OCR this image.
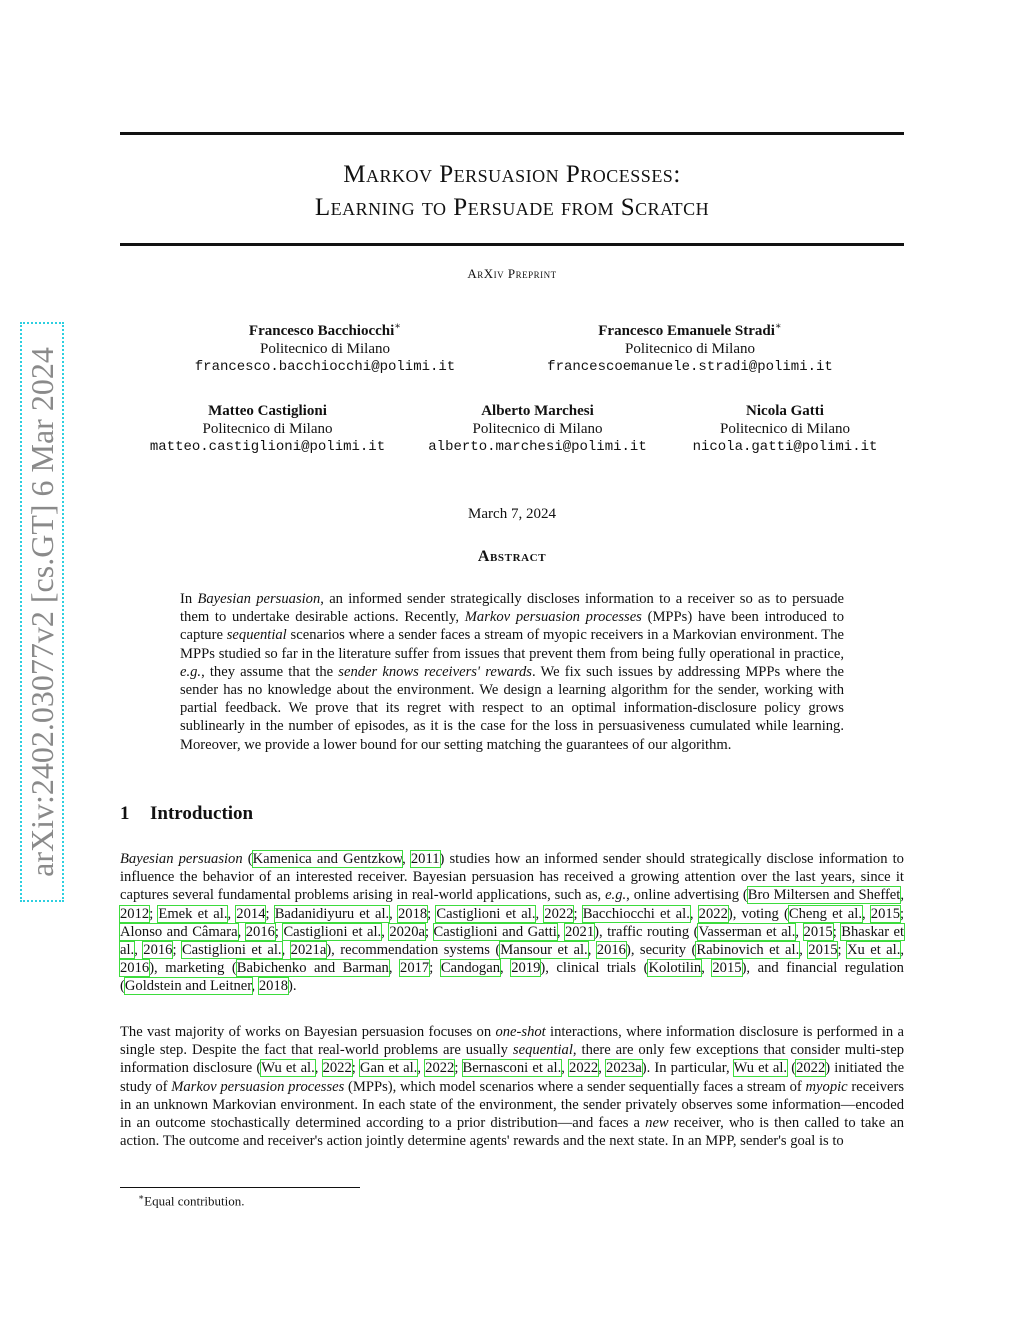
arXiv:2402.03077v2 [cs.GT] 6 Mar 2024
Markov Persuasion Processes:
Learning to Persuade from Scratch
ArXiv Preprint
Francesco Bacchiocchi∗
Politecnico di Milano
francesco.bacchiocchi@polimi.it
Francesco Emanuele Stradi∗
Politecnico di Milano
francescoemanuele.stradi@polimi.it
Matteo Castiglioni
Politecnico di Milano
matteo.castiglioni@polimi.it
Alberto Marchesi
Politecnico di Milano
alberto.marchesi@polimi.it
Nicola Gatti
Politecnico di Milano
nicola.gatti@polimi.it
March 7, 2024
Abstract
In Bayesian persuasion, an informed sender strategically discloses information to a receiver so as to persuade them to undertake desirable actions. Recently, Markov persuasion processes (MPPs) have been introduced to capture sequential scenarios where a sender faces a stream of myopic receivers in a Markovian environment. The MPPs studied so far in the literature suffer from issues that prevent them from being fully operational in practice, e.g., they assume that the sender knows receivers' rewards. We fix such issues by addressing MPPs where the sender has no knowledge about the environment. We design a learning algorithm for the sender, working with partial feedback. We prove that its regret with respect to an optimal information-disclosure policy grows sublinearly in the number of episodes, as it is the case for the loss in persuasiveness cumulated while learning. Moreover, we provide a lower bound for our setting matching the guarantees of our algorithm.
1 Introduction
Bayesian persuasion (Kamenica and Gentzkow, 2011) studies how an informed sender should strategically disclose information to influence the behavior of an interested receiver. Bayesian persuasion has received a growing attention over the last years, since it captures several fundamental problems arising in real-world applications, such as, e.g., online advertising (Bro Miltersen and Sheffet, 2012; Emek et al., 2014; Badanidiyuru et al., 2018; Castiglioni et al., 2022; Bacchiocchi et al., 2022), voting (Cheng et al., 2015; Alonso and Câmara, 2016; Castiglioni et al., 2020a; Castiglioni and Gatti, 2021), traffic routing (Vasserman et al., 2015; Bhaskar et al., 2016; Castiglioni et al., 2021a), recommendation systems (Mansour et al., 2016), security (Rabinovich et al., 2015; Xu et al., 2016), marketing (Babichenko and Barman, 2017; Candogan, 2019), clinical trials (Kolotilin, 2015), and financial regulation (Goldstein and Leitner, 2018).
The vast majority of works on Bayesian persuasion focuses on one-shot interactions, where information disclosure is performed in a single step. Despite the fact that real-world problems are usually sequential, there are only few exceptions that consider multi-step information disclosure (Wu et al., 2022; Gan et al., 2022; Bernasconi et al., 2022, 2023a). In particular, Wu et al. (2022) initiated the study of Markov persuasion processes (MPPs), which model scenarios where a sender sequentially faces a stream of myopic receivers in an unknown Markovian environment. In each state of the environment, the sender privately observes some information—encoded in an outcome stochastically determined according to a prior distribution—and faces a new receiver, who is then called to take an action. The outcome and receiver's action jointly determine agents' rewards and the next state. In an MPP, sender's goal is to
∗Equal contribution.
